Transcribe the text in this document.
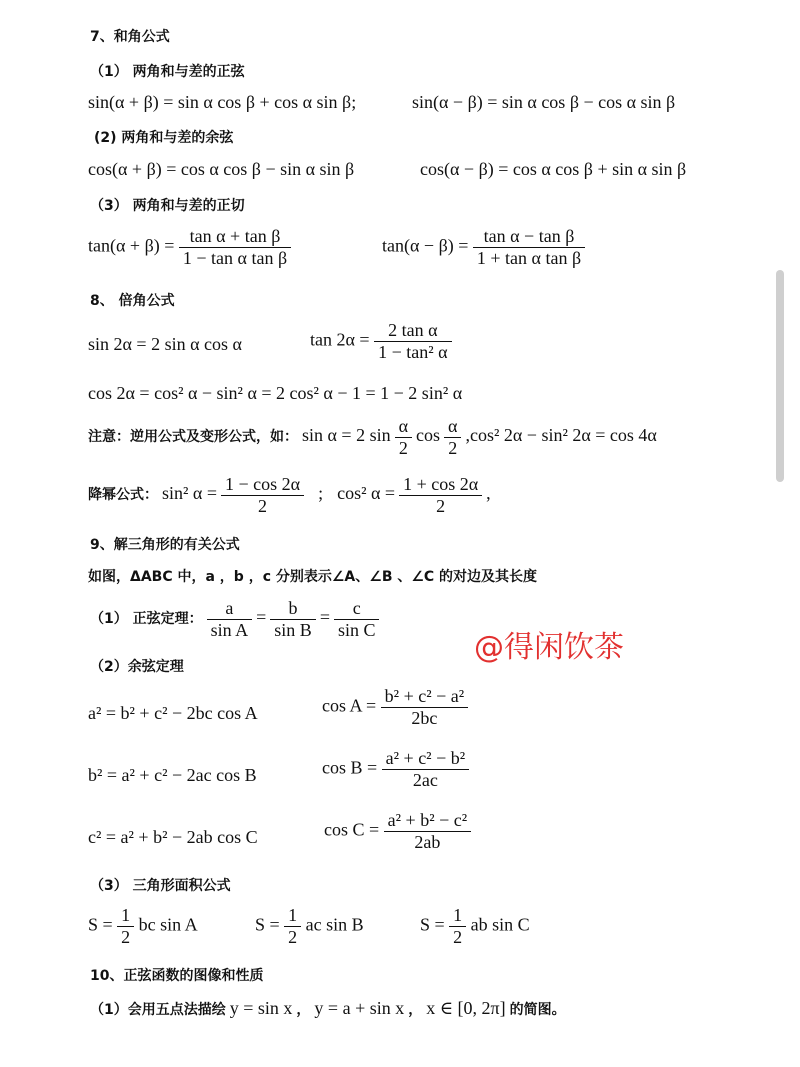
7、和角公式
（1） 两角和与差的正弦
sin(α + β) = sin α cos β + cos α sin β;	sin(α − β) = sin α cos β − cos α sin β
(2) 两角和与差的余弦
cos(α + β) = cos α cos β − sin α sin β	cos(α − β) = cos α cos β + sin α sin β
（3） 两角和与差的正切
$\tan(\alpha + \beta) = \frac{\text{tan α + tan β}}{\text{1 − tan α tan β}}$	$\tan(\alpha - \beta) = \frac{\text{tan α − tan β}}{\text{1 + tan α tan β}}$
8、 倍角公式
sin 2α = 2 sin α cos α	$\tan 2\alpha = \frac{\text{2 tan α}}{\text{1 − tan² α}}$
cos 2α = cos² α − sin² α = 2 cos² α − 1 = 1 − 2 sin² α
注意：逆用公式及变形公式，如： sin α = 2 $\sin \frac{\alpha}{2}$ $\cos \frac{\alpha}{2} ,\cos^2$ 2α − sin² 2α = cos 4α
降幂公式： sin² $\alpha = \frac{1 - \cos 2\alpha}{2}$ ; cos² $\alpha = \frac{1 + \cos 2\alpha}{2}$ ,
9、解三角形的有关公式
如图，ΔABC 中，a ，b ，c 分别表示∠A、∠B 、∠C 的对边及其长度
（1） 正弦定理： $\frac{a}{\text{sin A}} = \frac{b}{\text{sin B}} = \frac{c}{\text{sin C}}$
@得闲饮茶
（2）余弦定理
a² = b² + c² − 2bc cos A	$\cos A = \frac{\text{b² + c² − a²}}{2bc}$
b² = a² + c² − 2ac cos B	$\cos B = \frac{\text{a² + c² − b²}}{2ac}$
c² = a² + b² − 2ab cos C	$\cos C = \frac{\text{a² + b² − c²}}{2ab}$
（3） 三角形面积公式
$S = \frac{1}{2}$ bc sin A	$S = \frac{1}{2}$ ac sin B	$S = \frac{1}{2}$ ab sin C
10、正弦函数的图像和性质
（1）会用五点法描绘 y = sin x ， y = a + sin x ， x ∈ [0, 2π] 的简图。
